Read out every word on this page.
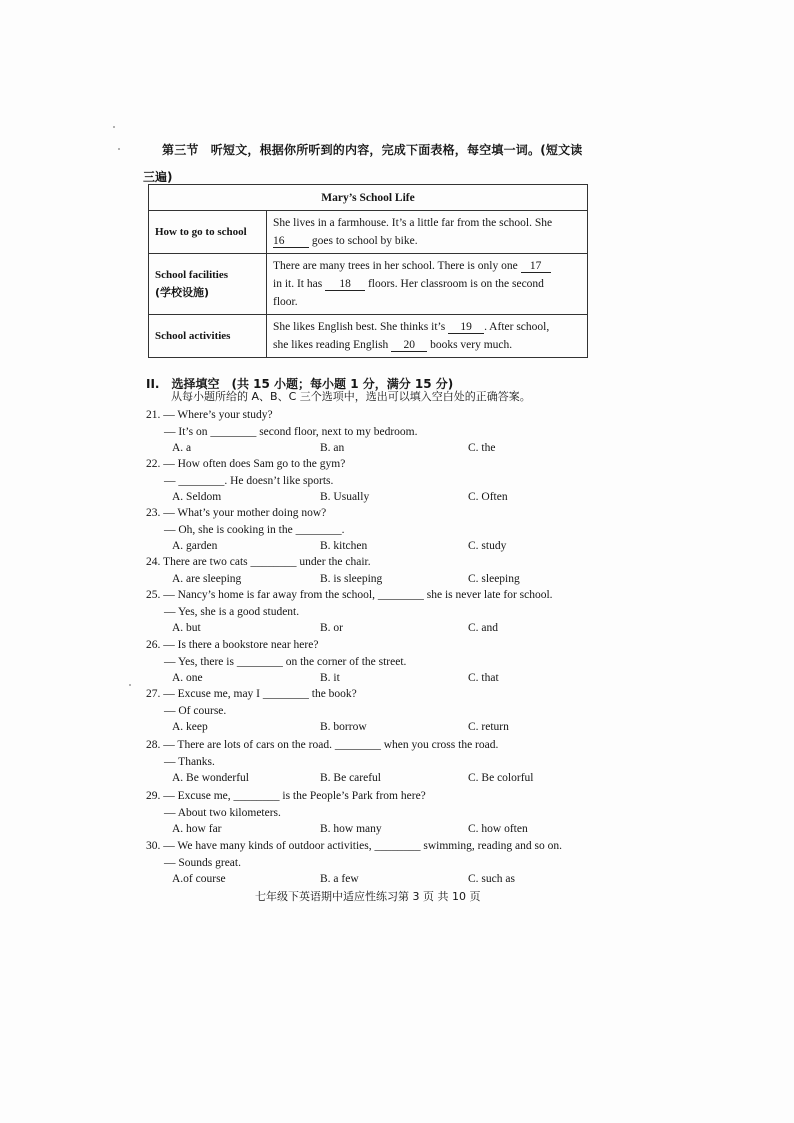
第三节　听短文，根据你所听到的内容，完成下面表格，每空填一词。(短文读
三遍)
Mary’s School Life	
How to go to school	She lives in a farmhouse. It’s a little far from the school. She
16 goes to school by bike.
School facilities
(学校设施)	There are many trees in her school. There is only one 17
in it. It has 18 floors. Her classroom is on the second
floor.
School activities	She likes English best. She thinks it’s 19 . After school,
she likes reading English 20 books very much.
II.　选择填空　(共 15 小题；每小题 1 分，满分 15 分)
从每小题所给的 A、B、C 三个选项中，选出可以填入空白处的正确答案。
21. — Where’s your study?
— It’s on ________ second floor, next to my bedroom.
A. a	B. an	C. the
22. — How often does Sam go to the gym?
— ________. He doesn’t like sports.
A. Seldom	B. Usually	C. Often
23. — What’s your mother doing now?
— Oh, she is cooking in the ________.
A. garden	B. kitchen	C. study
24. There are two cats ________ under the chair.
A. are sleeping	B. is sleeping	C. sleeping
25. — Nancy’s home is far away from the school, ________ she is never late for school.
— Yes, she is a good student.
A. but	B. or	C. and
26. — Is there a bookstore near here?
— Yes, there is ________ on the corner of the street.
A. one	B. it	C. that
27. — Excuse me, may I ________ the book?
— Of course.
A. keep	B. borrow	C. return
28. — There are lots of cars on the road. ________ when you cross the road.
— Thanks.
A. Be wonderful	B. Be careful	C. Be colorful
29. — Excuse me, ________ is the People’s Park from here?
— About two kilometers.
A. how far	B. how many	C. how often
30. — We have many kinds of outdoor activities, ________ swimming, reading and so on.
— Sounds great.
A.of course	B. a few	C. such as
七年级下英语期中适应性练习第 3 页 共 10 页
